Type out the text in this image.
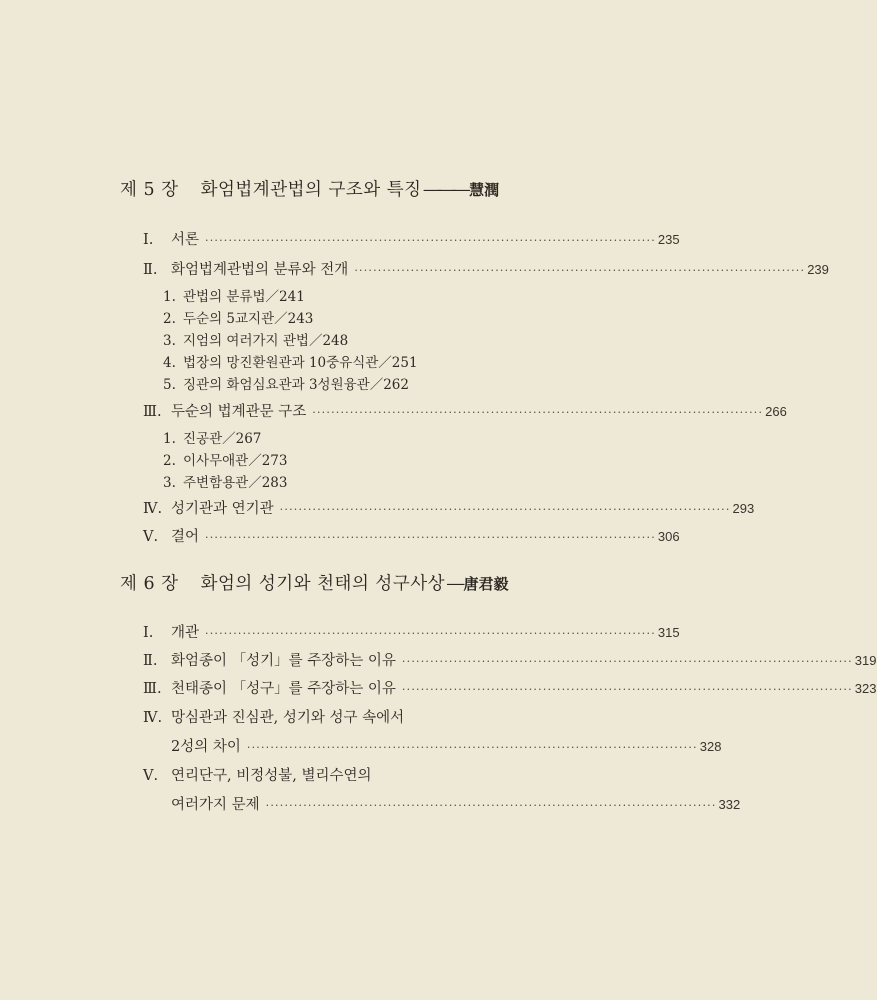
제 5 장 화엄법계관법의 구조와 특징 ――― 慧潤
Ⅰ.	서론 ································································································ 235
Ⅱ. 화엄법계관법의 분류와 전개 ································································································ 239
1. 관법의 분류법／241
2. 두순의 5교지관／243
3. 지엄의 여러가지 관법／248
4. 법장의 망진환원관과 10중유식관／251
5. 징관의 화엄심요관과 3성원융관／262
Ⅲ. 두순의 법계관문 구조 ································································································ 266
1. 진공관／267
2. 이사무애관／273
3. 주변함용관／283
Ⅳ. 성기관과 연기관 ································································································ 293
Ⅴ. 결어 ································································································ 306
제 6 장 화엄의 성기와 천태의 성구사상 ― 唐君毅
Ⅰ.	개관 ································································································ 315
Ⅱ. 화엄종이 「성기」를 주장하는 이유 ································································································ 319
Ⅲ. 천태종이 「성구」를 주장하는 이유 ································································································ 323
Ⅳ. 망심관과 진심관, 성기와 성구 속에서
2성의 차이 ································································································ 328
Ⅴ. 연리단구, 비정성불, 별리수연의
여러가지 문제 ································································································ 332
